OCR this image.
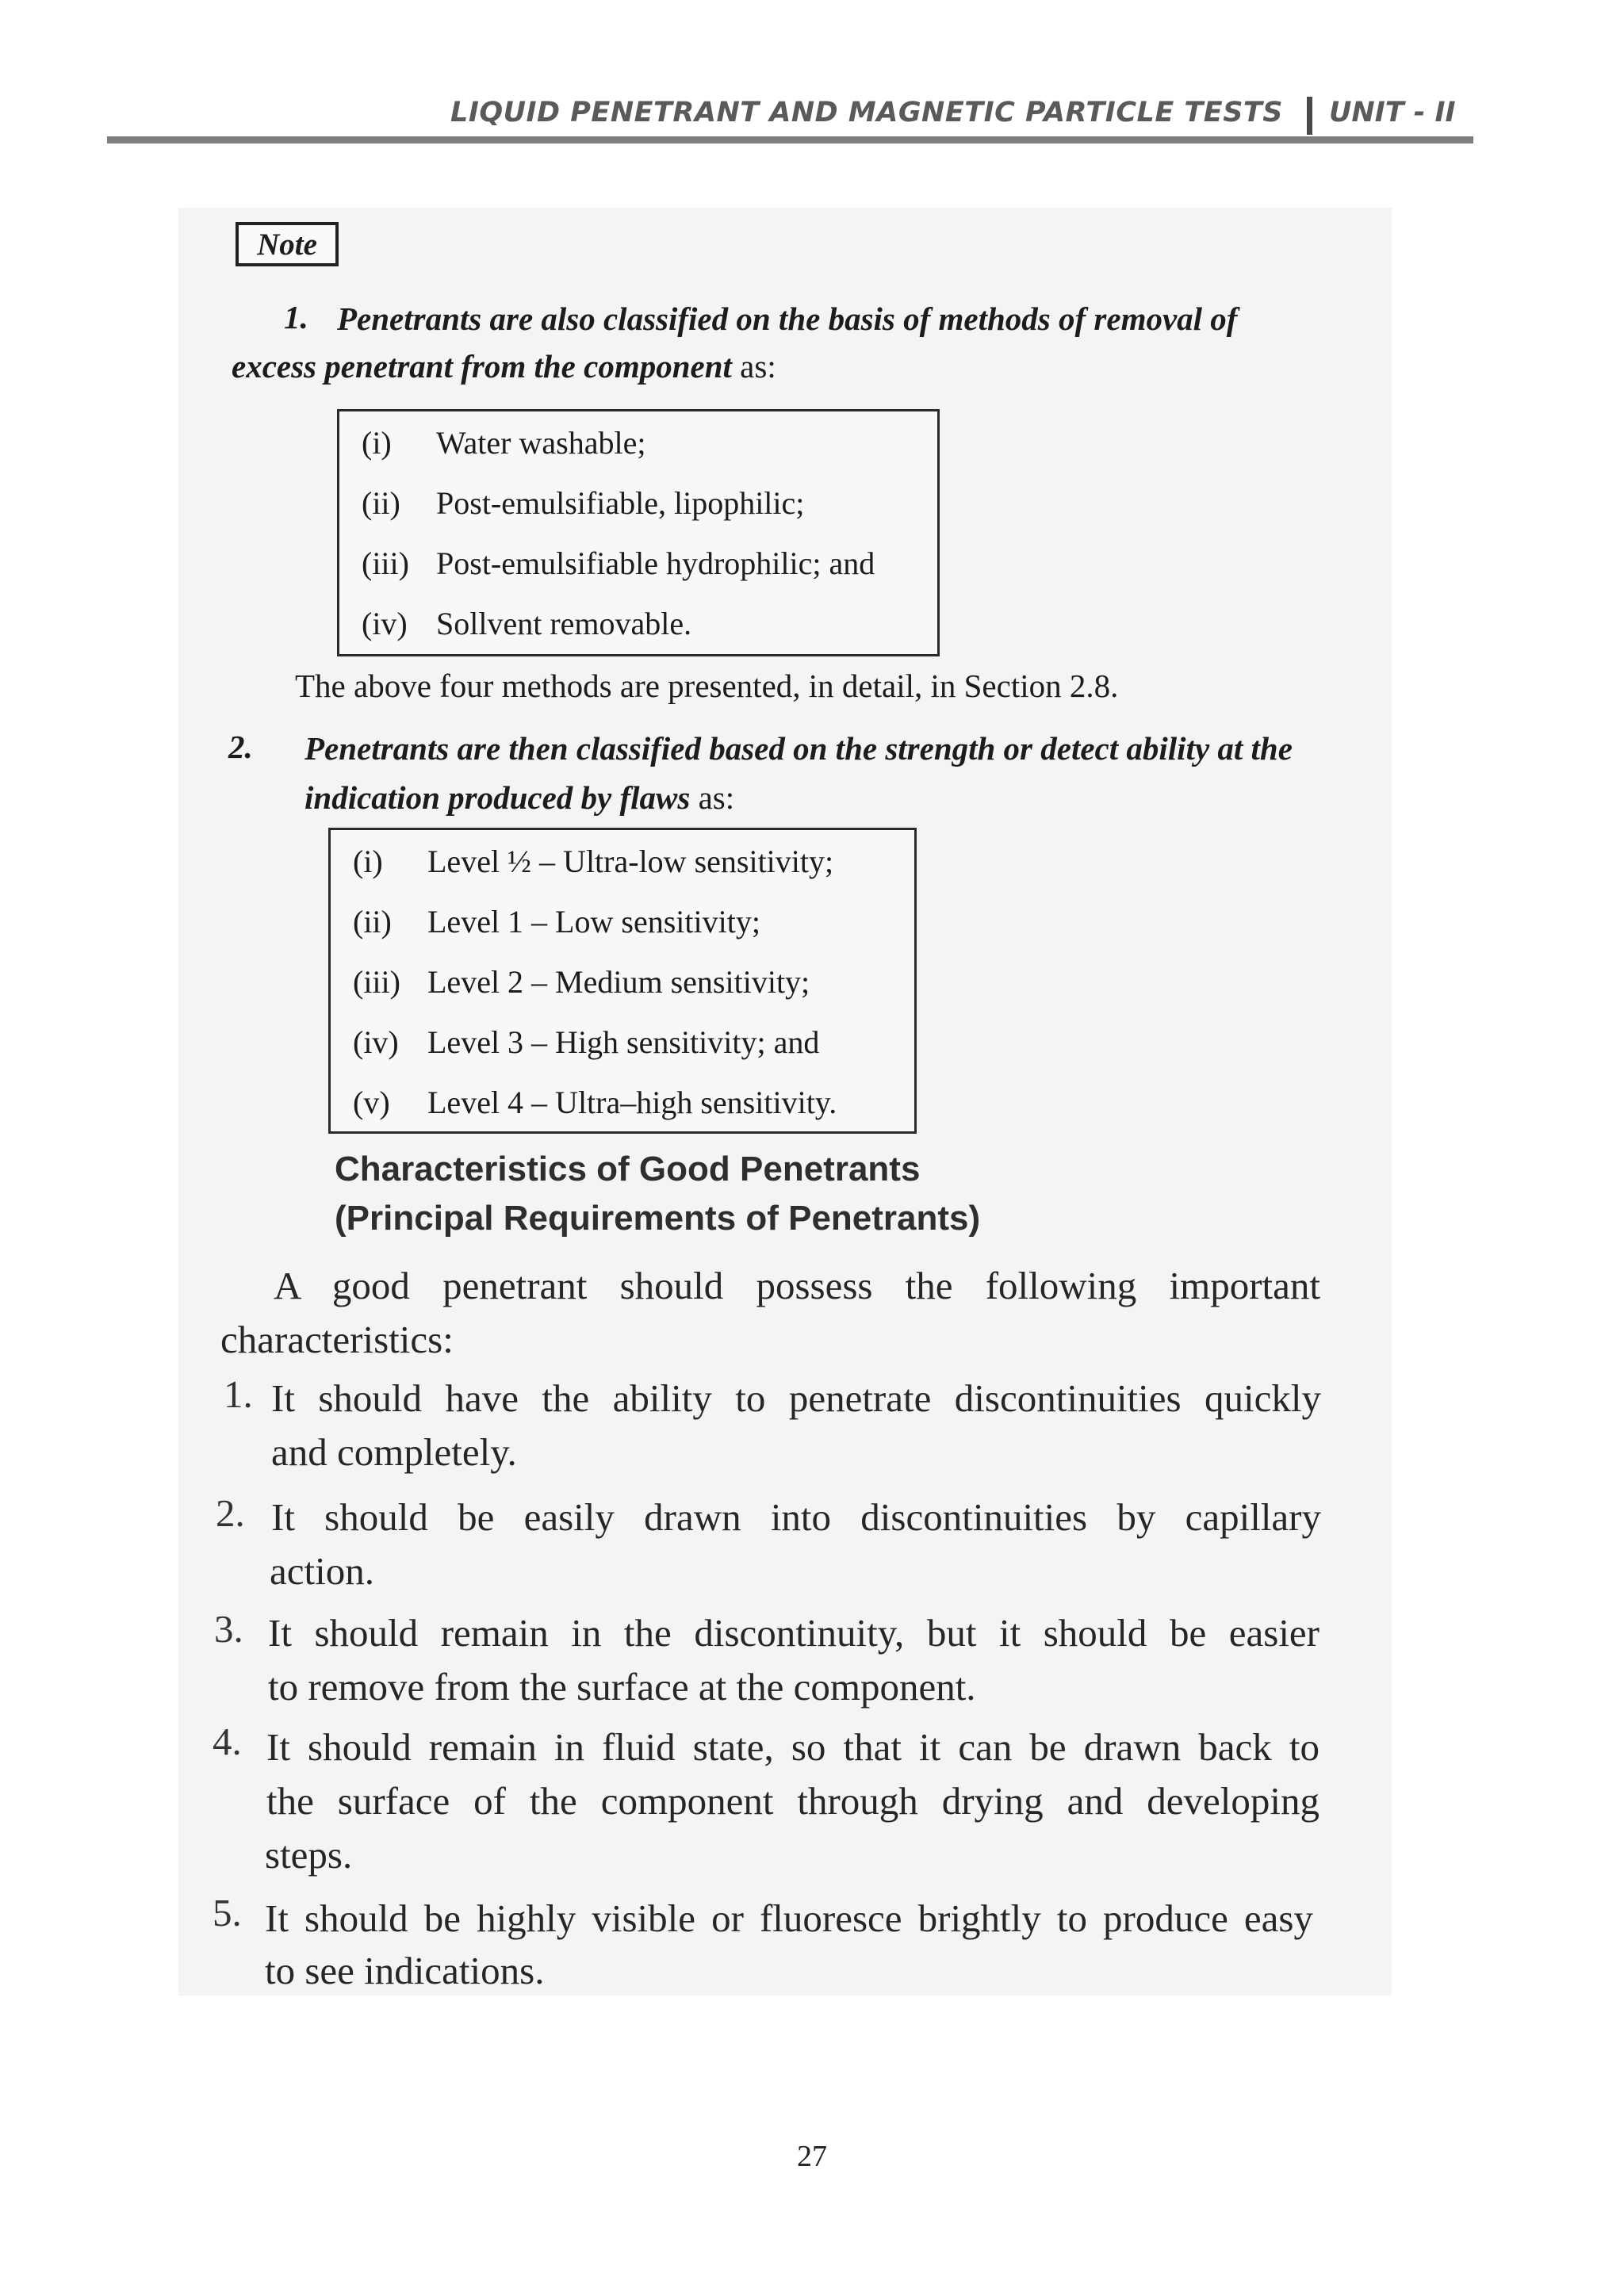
LIQUID PENETRANT AND MAGNETIC PARTICLE TESTS UNIT - II
Note
1. Penetrants are also classified on the basis of methods of removal of
excess penetrant from the component as:
(i) Water washable;
(ii) Post-emulsifiable, lipophilic;
(iii) Post-emulsifiable hydrophilic; and
(iv) Sollvent removable.
The above four methods are presented, in detail, in Section 2.8.
2. Penetrants are then classified based on the strength or detect ability at the
indication produced by flaws as:
(i) Level ½ – Ultra-low sensitivity;
(ii) Level 1 – Low sensitivity;
(iii) Level 2 – Medium sensitivity;
(iv) Level 3 – High sensitivity; and
(v) Level 4 – Ultra–high sensitivity.
Characteristics of Good Penetrants
(Principal Requirements of Penetrants)
A good penetrant should possess the following important
characteristics:
1. It should have the ability to penetrate discontinuities quickly
and completely.
2. It should be easily drawn into discontinuities by capillary
action.
3. It should remain in the discontinuity, but it should be easier
to remove from the surface at the component.
4. It should remain in fluid state, so that it can be drawn back to
the surface of the component through drying and developing
steps.
5. It should be highly visible or fluoresce brightly to produce easy
to see indications.
27
